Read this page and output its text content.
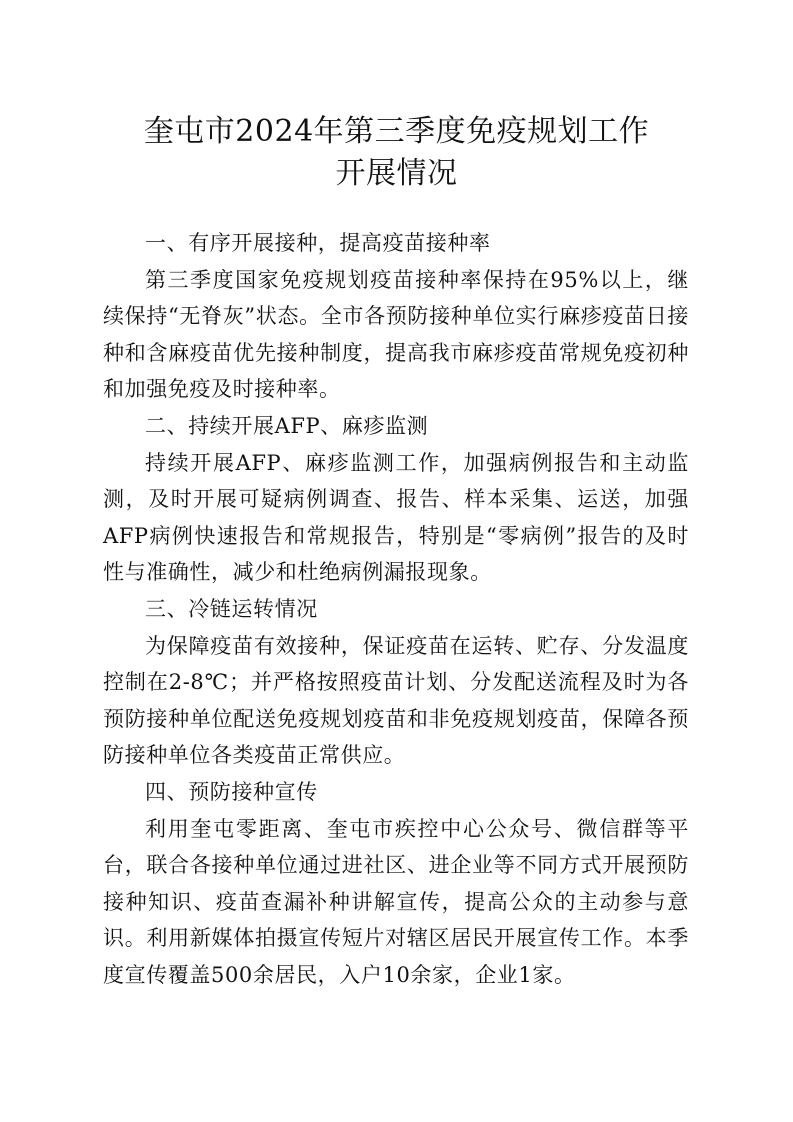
奎屯市2024年第三季度免疫规划工作
开展情况

一、有序开展接种，提高疫苗接种率

第三季度国家免疫规划疫苗接种率保持在95%以上，继续保持“无脊灰”状态。全市各预防接种单位实行麻疹疫苗日接种和含麻疫苗优先接种制度，提高我市麻疹疫苗常规免疫初种和加强免疫及时接种率。

二、持续开展AFP、麻疹监测

持续开展AFP、麻疹监测工作，加强病例报告和主动监测，及时开展可疑病例调查、报告、样本采集、运送，加强AFP病例快速报告和常规报告，特别是“零病例”报告的及时性与准确性，减少和杜绝病例漏报现象。

三、冷链运转情况

为保障疫苗有效接种，保证疫苗在运转、贮存、分发温度控制在2-8℃；并严格按照疫苗计划、分发配送流程及时为各预防接种单位配送免疫规划疫苗和非免疫规划疫苗，保障各预防接种单位各类疫苗正常供应。

四、预防接种宣传

利用奎屯零距离、奎屯市疾控中心公众号、微信群等平台，联合各接种单位通过进社区、进企业等不同方式开展预防接种知识、疫苗查漏补种讲解宣传，提高公众的主动参与意识。利用新媒体拍摄宣传短片对辖区居民开展宣传工作。本季度宣传覆盖500余居民，入户10余家，企业1家。
